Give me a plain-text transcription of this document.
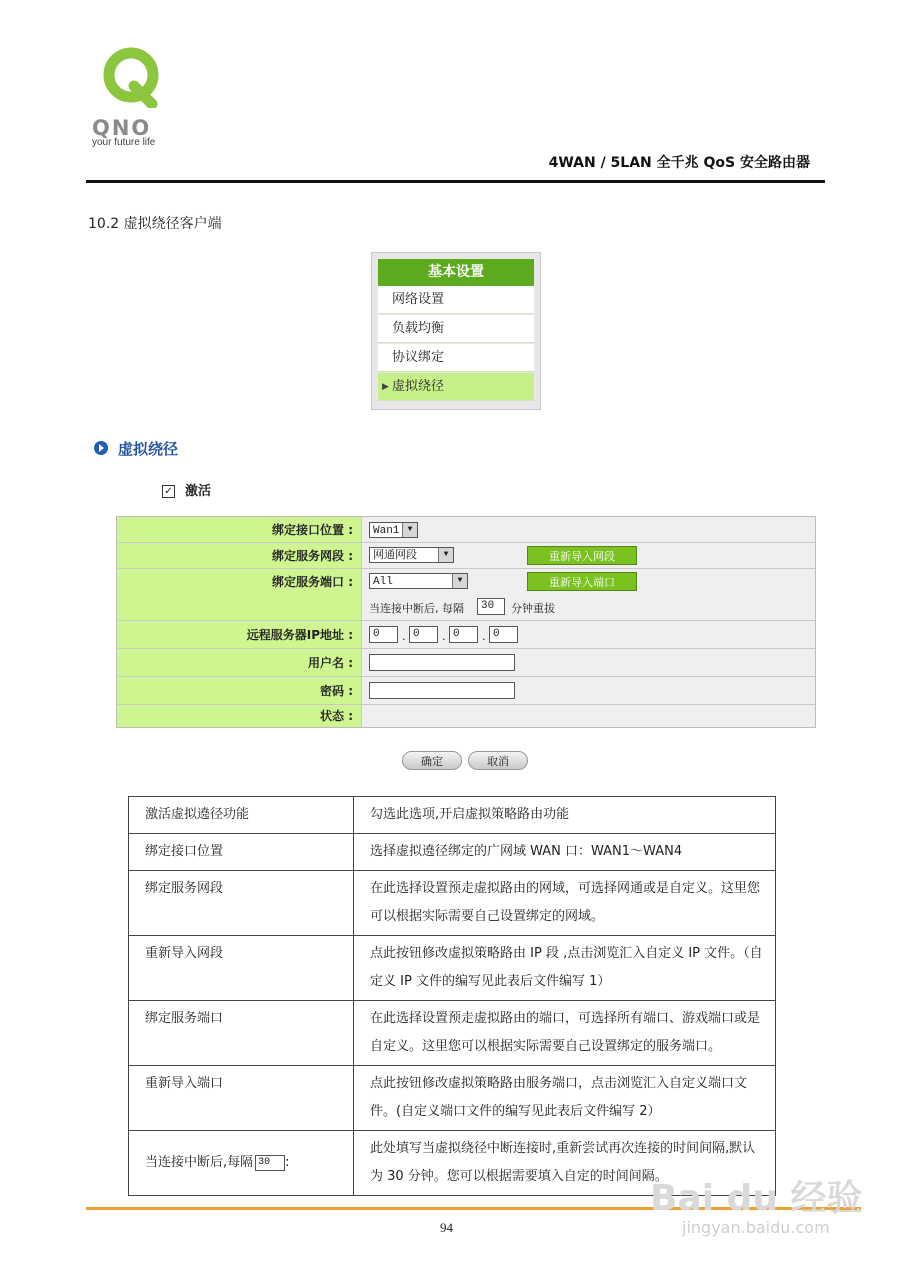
QNO
your future life
4WAN / 5LAN 全千兆 QoS 安全路由器
10.2 虚拟绕径客户端
基本设置
网络设置
负载均衡
协议绑定
▶ 虚拟绕径
虚拟绕径
✓ 激活
绑定接口位置 :	Wan1	▼
绑定服务网段 :	网通网段	▼	重新导入网段
绑定服务端口 :	All	▼	重新导入端口
当连接中断后, 每隔	30	分钟重拔
远程服务器IP地址 :	0	. 0	. 0	. 0
用户名 :
密码 :
状态 :
确定	取消
激活虚拟遶径功能	勾选此选项,开启虚拟策略路由功能
绑定接口位置	选择虚拟遶径绑定的广网域 WAN 口：WAN1～WAN4
绑定服务网段	在此选择设置预走虚拟路由的网域，可选择网通或是自定义。这里您可以根据实际需要自己设置绑定的网域。
重新导入网段	点此按钮修改虚拟策略路由 IP 段 ,点击浏览汇入自定义 IP 文件。（自定义 IP 文件的编写见此表后文件编写 1）
绑定服务端口	在此选择设置预走虚拟路由的端口，可选择所有端口、游戏端口或是自定义。这里您可以根据实际需要自己设置绑定的服务端口。
重新导入端口	点此按钮修改虚拟策略路由服务端口，点击浏览汇入自定义端口文件。(自定义端口文件的编写见此表后文件编写 2）
当连接中断后,每隔 30 :	此处填写当虚拟绕径中断连接时,重新尝试再次连接的时间间隔,默认为 30 分钟。您可以根据需要填入自定的时间间隔。
94
Bai du 经验
jingyan.baidu.com
